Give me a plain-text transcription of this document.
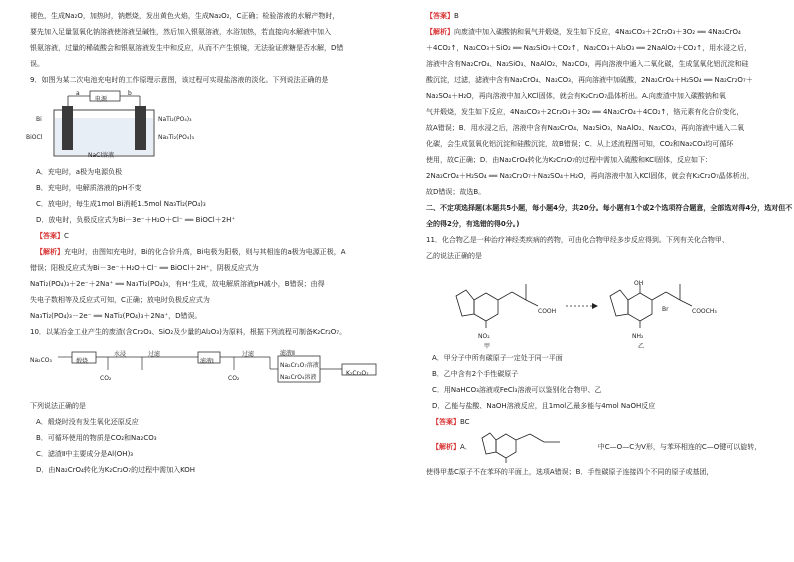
褪色，生成Na₂O，加热时，钠燃烧，发出黄色火焰，生成Na₂O₂，C正确；检验溶液的水解产物时，

要先加入足量氢氧化钠溶液使溶液呈碱性，然后加入银氨溶液，水浴加热，若直接向水解液中加入

银氨溶液，过量的稀硫酸会和银氨溶液发生中和反应，从而不产生银镜，无法验证蔗糖是否水解，D错

误。

9．如图为某二次电池充电时的工作原理示意图，该过程可实现盐溶液的淡化。下列说法正确的是

电源
a	b
Bi
BiOCl
NaTi₂(PO₄)₃
Na₃Ti₂(PO₄)₃
NaCl溶液

A．充电时，a极为电源负极

B．充电时，电解质溶液的pH不变

C．放电时，每生成1mol Bi消耗1.5mol Na₃Ti₂(PO₄)₃

D．放电时，负极反应式为Bi－3e⁻＋H₂O＋Cl⁻ ══ BiOCl＋2H⁺

【答案】C

【解析】充电时，由图知充电时，Bi的化合价升高，Bi电极为阳极，则与其相连的a极为电源正极，A

错误；阳极反应式为Bi－3e⁻＋H₂O＋Cl⁻ ══ BiOCl＋2H⁺，阴极反应式为

NaTi₂(PO₄)₃＋2e⁻＋2Na⁺ ══ Na₃Ti₂(PO₄)₃，有H⁺生成，故电解质溶液pH减小，B错误；由得

失电子数相等及反应式可知，C正确；放电时负极反应式为

Na₃Ti₂(PO₄)₃－2e⁻ ══ NaTi₂(PO₄)₃＋2Na⁺，D错误。

10．以某冶金工业产生的废渣(含Cr₂O₃、SiO₂及少量的Al₂O₃)为原料，根据下列流程可制备K₂Cr₂O₇。

Na₂CO₃	煅烧
CO₂
水浸	过滤
滤液Ⅰ
CO₂
过滤	滤液Ⅱ
Na₂Cr₂O₇溶液
Na₂CrO₄溶液
K₂Cr₂O₇

下列说法正确的是

A．煅烧时没有发生氧化还原反应

B．可循环使用的物质是CO₂和Na₂CO₃

C．滤渣Ⅱ中主要成分是Al(OH)₃

D．由Na₂CrO₄转化为K₂Cr₂O₇的过程中需加入KOH

【答案】B

【解析】向废渣中加入碳酸钠和氧气并煅烧，发生如下反应，4Na₂CO₃＋2Cr₂O₃＋3O₂ ══ 4Na₂CrO₄

＋4CO₂↑，Na₂CO₃＋SiO₂ ══ Na₂SiO₃＋CO₂↑，Na₂CO₃＋Al₂O₃ ══ 2NaAlO₂＋CO₂↑，用水浸之后，

溶液中含有Na₂CrO₄、Na₂SiO₃、NaAlO₂、Na₂CO₃，再向溶液中通入二氧化碳，生成氢氧化铝沉淀和硅

酸沉淀，过滤，滤液中含有Na₂CrO₄、Na₂CO₃，再向溶液中加硫酸，2Na₂CrO₄＋H₂SO₄ ══ Na₂Cr₂O₇＋

Na₂SO₄＋H₂O，再向溶液中加入KCl固体，就会有K₂Cr₂O₇晶体析出。A.向废渣中加入碳酸钠和氧

气并煅烧，发生如下反应，4Na₂CO₃＋2Cr₂O₃＋3O₂ ══ 4Na₂CrO₄＋4CO₂↑，铬元素有化合价变化，

故A错误；B．用水浸之后，溶液中含有Na₂CrO₄、Na₂SiO₃、NaAlO₂、Na₂CO₃，再向溶液中通入二氧

化碳，会生成氢氧化铝沉淀和硅酸沉淀，故B错误；C．从上述流程图可知，CO₂和Na₂CO₃均可循环

使用，故C正确；D．由Na₂CrO₄转化为K₂Cr₂O₇的过程中需加入硫酸和KCl固体，反应如下：

2Na₂CrO₄＋H₂SO₄ ══ Na₂Cr₂O₇＋Na₂SO₄＋H₂O，再向溶液中加入KCl固体，就会有K₂Cr₂O₇晶体析出，

故D错误；故选B。

二、不定项选择题(本题共5小题，每小题4分，共20分。每小题有1个或2个选项符合题意，全部选对得4分，选对但不全的得2分，有选错的得0分。)

11．化合物乙是一种治疗神经类疾病的药物，可由化合物甲经多步反应得到。下列有关化合物甲、

乙的说法正确的是

COOH
NO₂
甲
OH
Br	COOCH₃
NH₂
乙

A．甲分子中所有碳原子一定处于同一平面

B．乙中含有2个手性碳原子

C．用NaHCO₃溶液或FeCl₃溶液可以鉴别化合物甲、乙

D．乙能与盐酸、NaOH溶液反应，且1mol乙最多能与4mol NaOH反应

【答案】BC

【解析】A．	中C—O—C为V形，与苯环相连的C—O键可以旋转，

使得甲基C原子不在苯环的平面上，选项A错误；B．手性碳原子连接四个不同的原子或基团，
